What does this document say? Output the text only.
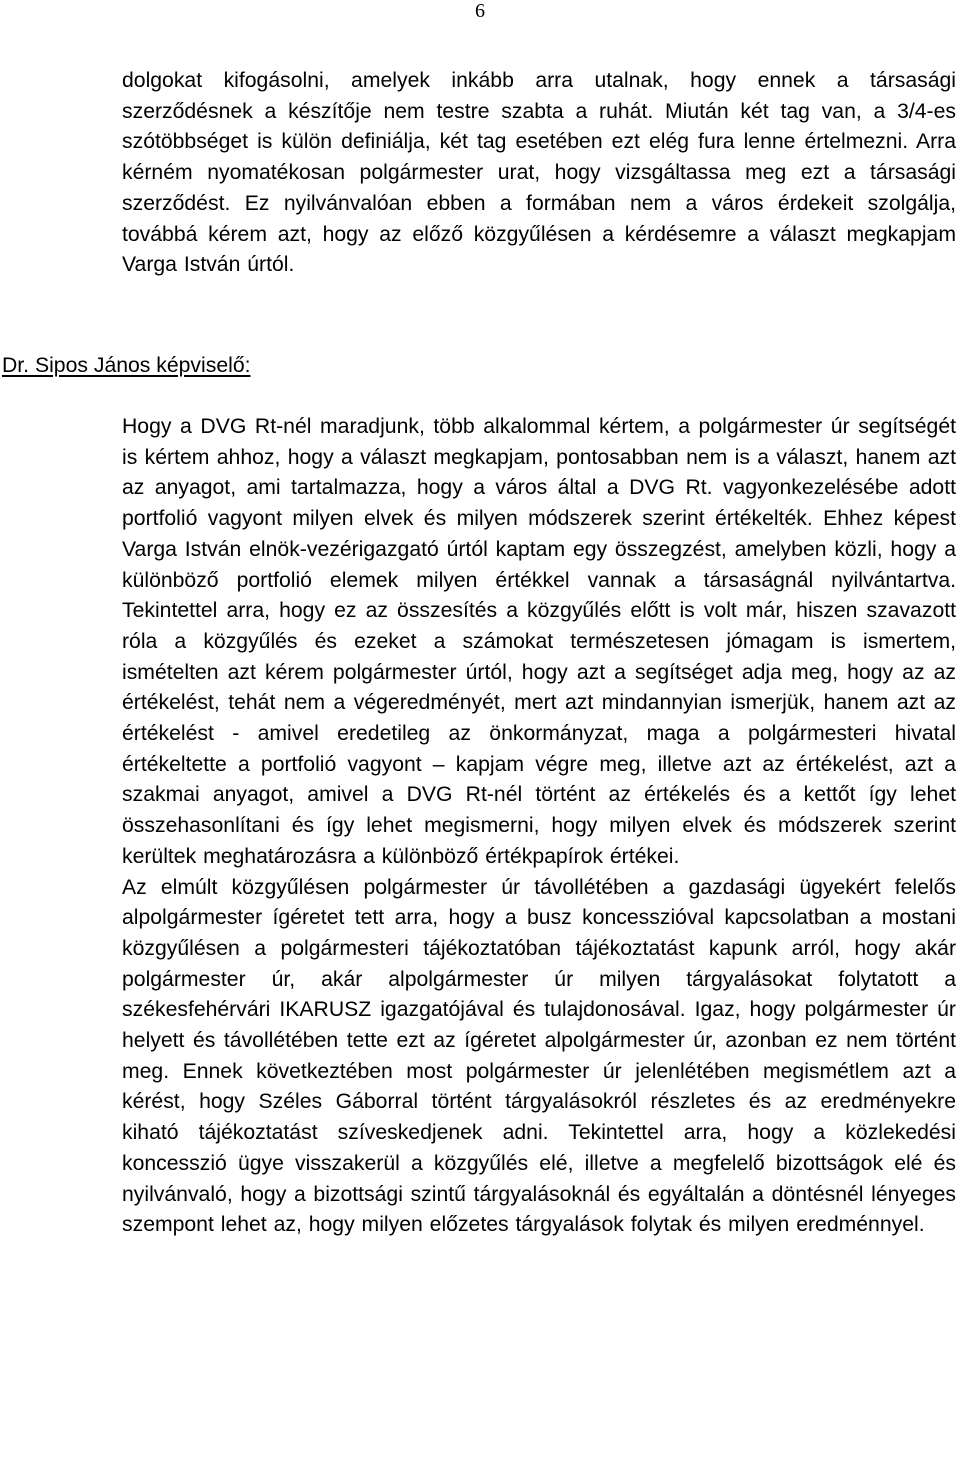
6

dolgokat kifogásolni, amelyek inkább arra utalnak, hogy ennek a társasági szerződésnek a készítője nem testre szabta a ruhát. Miután két tag van, a 3/4-es szótöbbséget is külön definiálja, két tag esetében ezt elég fura lenne értelmezni. Arra kérném nyomatékosan polgármester urat, hogy vizsgáltassa meg ezt a társasági szerződést. Ez nyilvánvalóan ebben a formában nem a város érdekeit szolgálja, továbbá kérem azt, hogy az előző közgyűlésen a kérdésemre a választ megkapjam Varga István úrtól.

Dr. Sipos János képviselő:

Hogy a DVG Rt-nél maradjunk, több alkalommal kértem, a polgármester úr segítségét is kértem ahhoz, hogy a választ megkapjam, pontosabban nem is a választ, hanem azt az anyagot, ami tartalmazza, hogy a város által a DVG Rt. vagyonkezelésébe adott portfolió vagyont milyen elvek és milyen módszerek szerint értékelték. Ehhez képest Varga István elnök-vezérigazgató úrtól kaptam egy összegzést, amelyben közli, hogy a különböző portfolió elemek milyen értékkel vannak a társaságnál nyilvántartva. Tekintettel arra, hogy ez az összesítés a közgyűlés előtt is volt már, hiszen szavazott róla a közgyűlés és ezeket a számokat természetesen jómagam is ismertem, ismételten azt kérem polgármester úrtól, hogy azt a segítséget adja meg, hogy az az értékelést, tehát nem a végeredményét, mert azt mindannyian ismerjük, hanem azt az értékelést - amivel eredetileg az önkormányzat, maga a polgármesteri hivatal értékeltette a portfolió vagyont – kapjam végre meg, illetve azt az értékelést, azt a szakmai anyagot, amivel a DVG Rt-nél történt az értékelés és a kettőt így lehet összehasonlítani és így lehet megismerni, hogy milyen elvek és módszerek szerint kerültek meghatározásra a különböző értékpapírok értékei.

Az elmúlt közgyűlésen polgármester úr távollétében a gazdasági ügyekért felelős alpolgármester ígéretet tett arra, hogy a busz koncesszióval kapcsolatban a mostani közgyűlésen a polgármesteri tájékoztatóban tájékoztatást kapunk arról, hogy akár polgármester úr, akár alpolgármester úr milyen tárgyalásokat folytatott a székesfehérvári IKARUSZ igazgatójával és tulajdonosával. Igaz, hogy polgármester úr helyett és távollétében tette ezt az ígéretet alpolgármester úr, azonban ez nem történt meg. Ennek következtében most polgármester úr jelenlétében megismétlem azt a kérést, hogy Széles Gáborral történt tárgyalásokról részletes és az eredményekre kiható tájékoztatást szíveskedjenek adni. Tekintettel arra, hogy a közlekedési koncesszió ügye visszakerül a közgyűlés elé, illetve a megfelelő bizottságok elé és nyilvánvaló, hogy a bizottsági szintű tárgyalásoknál és egyáltalán a döntésnél lényeges szempont lehet az, hogy milyen előzetes tárgyalások folytak és milyen eredménnyel.
